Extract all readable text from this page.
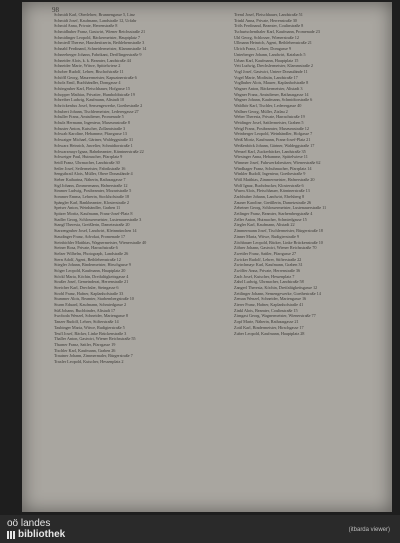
98
Schmidt Karl, Oberlehrer, Brunnengasse 5, Linz
Schmidt Josef, Kaufmann, Landstraße 12, Urfahr
Schmid Anna, Private, Herrenstraße 8
Schmidhuber Franz, Gastwirt, Wiener Reichsstraße 21
Schmidinger Leopold, Bäckermeister, Hauptplatz 7
Schmiedl Therese, Hausbesitzerin, Bethlehemstraße 3
Schnabl Ferdinand, Schneidermeister, Klammstraße 14
Schneeberger Johann, Fabrikant, Derfflingerstraße 9
Schneider Alois, k. k. Beamter, Landstraße 44
Schneider Marie, Witwe, Spittelwiese 2
Schober Rudolf, Lehrer, Bischofstraße 11
Schöffl Georg, Maurermeister, Kapuzinerstraße 6
Scholz Emil, Buchhändler, Domgasse 4
Schöngruber Karl, Fleischhauer, Hofgasse 15
Schopper Mathias, Privatier, Humboldtstraße 19
Schreiber Ludwig, Kaufmann, Altstadt 10
Schröckenfux Josef, Sensengewerke, Goethestraße 2
Schubert Johann, Tischlermeister, Lederergasse 27
Schuller Franz, Amtsdiener, Promenade 5
Schulz Hermann, Ingenieur, Museumstraße 8
Schuster Anton, Kutscher, Zollamtstraße 3
Schwab Karoline, Hebamme, Pfarrgasse 13
Schwaiger Michael, Gärtner, Waldeggstraße 31
Schwarz Heinrich, Juwelier, Schmidtorstraße 1
Schwarzmayr Ignaz, Bahnbeamter, Kärntnerstraße 22
Schweiger Paul, Hutmacher, Pfarrplatz 9
Seidl Franz, Uhrmacher, Landstraße 30
Seiler Josef, Seilermeister, Fabrikstraße 16
Sengstbratl Alois, Müller, Obere Donaulände 4
Sieber Katharina, Näherin, Rathausgasse 7
Sigl Johann, Zimmermann, Hafnerstraße 12
Simmer Ludwig, Postbeamter, Mozartstraße 5
Sommer Emma, Lehrerin, Stockhofstraße 18
Spängler Karl, Bankbeamter, Klosterstraße 2
Speiser Anton, Weinhändler, Graben 11
Spitzer Moritz, Kaufmann, Franz-Josef-Platz 8
Stadler Georg, Schlossermeister, Lustenauerstraße 3
Stangl Theresia, Greißlerin, Dametzstraße 20
Starzengruber Josef, Landwirt, Kleinmünchen 14
Staudinger Franz, Advokat, Promenade 17
Steinbichler Matthias, Wagnermeister, Wienerstraße 40
Steiner Rosa, Private, Harrachstraße 6
Stelzer Wilhelm, Photograph, Landstraße 26
Stern Adolf, Agent, Bethlehemstraße 12
Stiegler Johann, Bindermeister, Hirschgasse 9
Stöger Leopold, Kaufmann, Hauptplatz 20
Stöckl Maria, Köchin, Dreifaltigkeitsgasse 4
Straßer Josef, Gemeinderat, Herrenstraße 21
Streicher Karl, Drechsler, Steingasse 6
Strobl Franz, Hafner, Kaplanhofstraße 33
Stummer Alois, Beamter, Starhembergstraße 10
Sturm Eduard, Kaufmann, Schmiedgasse 2
Süß Johann, Buchbinder, Altstadt 17
Swoboda Wenzel, Schneider, Mariengasse 8
Tanzer Rudolf, Lehrer, Stifterstraße 14
Taubinger Maria, Witwe, Rudigierstraße 5
Teufl Josef, Bäcker, Linke Brückenstraße 3
Thaller Anton, Gastwirt, Wiener Reichsstraße 55
Thurner Franz, Sattler, Pfarrgasse 19
Tischler Karl, Kaufmann, Graben 26
Trautner Johann, Zimmermaler, Bürgerstraße 7
Traxler Leopold, Kutscher, Hessenplatz 2
Treml Josef, Fleischhauer, Landstraße 51
Trinkl Anna, Private, Herrenstraße 30
Tröls Ferdinand, Beamter, Coulinstraße 8
Tschurtschenthaler Karl, Kaufmann, Promenade 23
Uhl Georg, Schlosser, Wienerstraße 12
Ullmann Heinrich, Agent, Bethlehemstraße 21
Ulrich Franz, Lehrer, Domgasse 9
Unterberger Johann, Landwirt, Katzbach 5
Urban Karl, Kaufmann, Hauptplatz 15
Veit Ludwig, Drechslermeister, Klammstraße 2
Vogl Josef, Gastwirt, Untere Donaulände 11
Vogel Marie, Modistin, Landstraße 17
Voglhuber Alois, Maurer, Kaplanhofstraße 8
Wagner Anton, Bäckermeister, Altstadt 3
Wagner Franz, Amtsdiener, Rathausgasse 14
Wagner Johann, Kaufmann, Schmidtorstraße 6
Waldhör Karl, Tischler, Lederergasse 40
Wallner Georg, Müller, Zizlau 2
Weber Theresia, Private, Harrachstraße 19
Weidinger Josef, Sattlermeister, Graben 5
Weigl Franz, Postbeamter, Museumstraße 12
Weinberger Leopold, Weinhändler, Hofgasse 7
Weiß Moriz, Kaufmann, Franz-Josef-Platz 21
Weißenböck Johann, Gärtner, Waldeggstraße 17
Wenzel Karl, Zuckerbäcker, Landstraße 35
Wiesinger Anna, Hebamme, Spittelwiese 11
Wimmer Josef, Fuhrwerksbesitzer, Wienerstraße 62
Windhager Franz, Schuhmacher, Pfarrplatz 14
Winkler Rudolf, Ingenieur, Goethestraße 9
Wöß Matthias, Zimmermeister, Hafnerstraße 20
Wolf Ignaz, Buchdrucker, Klosterstraße 6
Wurm Alois, Fleischhauer, Kärntnerstraße 13
Zachhuber Johann, Landwirt, Ebelsberg 8
Zauner Karoline, Greißlerin, Dametzstraße 26
Zehetner Georg, Schlossermeister, Lustenauerstraße 11
Zeilinger Franz, Beamter, Starhembergstraße 4
Zeller Anton, Hutmacher, Schmiedgasse 15
Ziegler Karl, Kaufmann, Altstadt 22
Zimmermann Josef, Tischlermeister, Bürgerstraße 18
Zinner Maria, Witwe, Rudigierstraße 9
Zöchbauer Leopold, Bäcker, Linke Brückenstraße 10
Zöhrer Johann, Gastwirt, Wiener Reichsstraße 70
Zwettler Franz, Sattler, Pfarrgasse 27
Zwicker Rudolf, Lehrer, Stifterstraße 22
Zwirchmayr Karl, Kaufmann, Graben 31
Zwölfer Anna, Private, Herrenstraße 36
Zach Josef, Kutscher, Hessenplatz 7
Zahrl Ludwig, Uhrmacher, Landstraße 58
Zangerl Theresia, Köchin, Dreifaltigkeitsgasse 12
Zeitlinger Johann, Sensengewerke, Goethestraße 14
Zeman Wenzel, Schneider, Mariengasse 16
Zierer Franz, Hafner, Kaplanhofstraße 41
Zinkl Alois, Beamter, Coulinstraße 15
Zirngast Georg, Wagnermeister, Wienerstraße 77
Zopf Marie, Näherin, Rathausgasse 21
Zottl Karl, Bindermeister, Hirschgasse 17
Zuber Leopold, Kaufmann, Hauptplatz 28
oö landes
bibliothek	(itbarda viewer)
